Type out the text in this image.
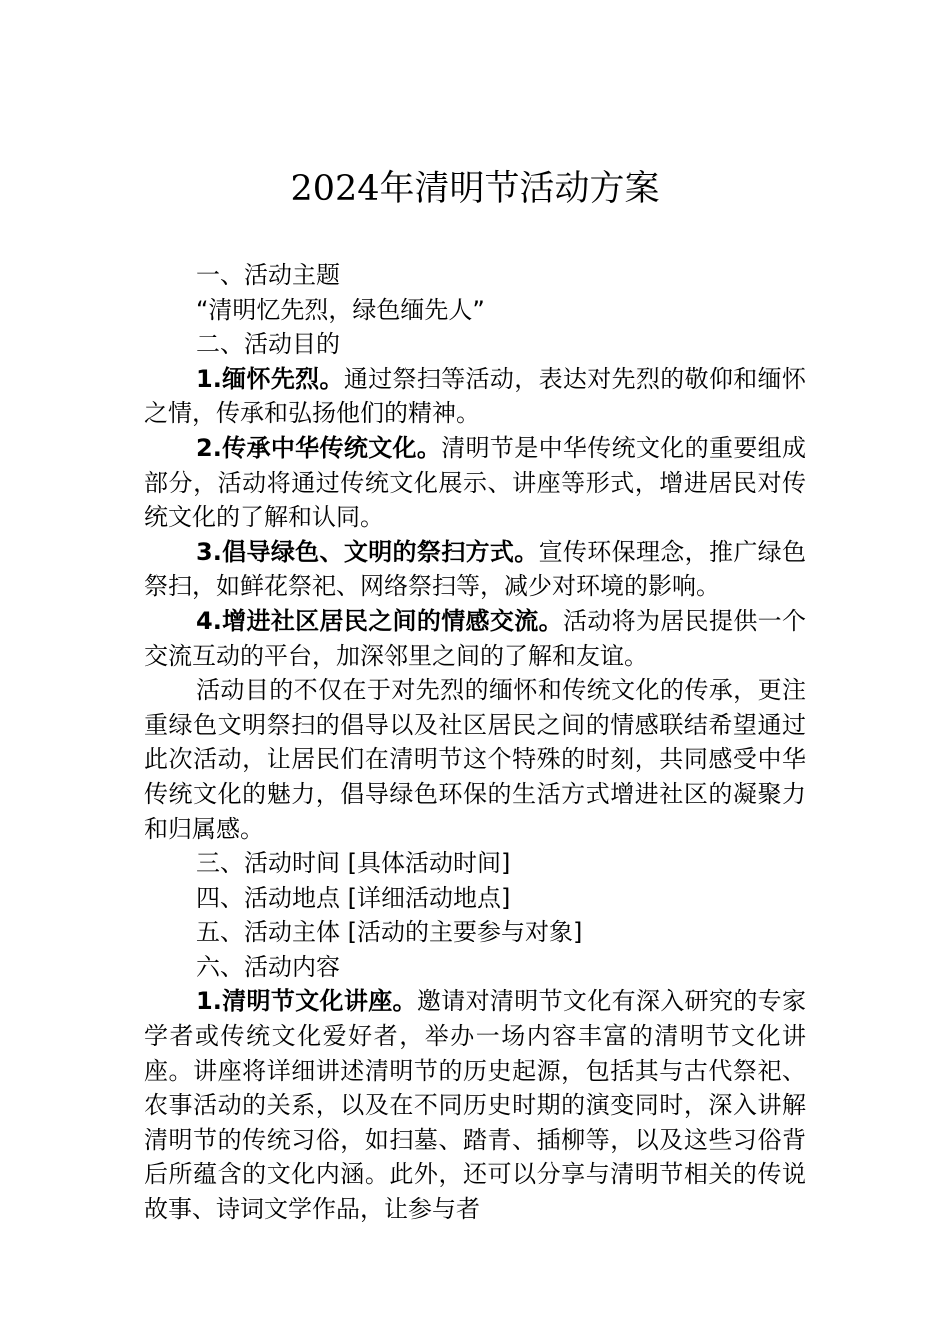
2024年清明节活动方案

一、活动主题

“清明忆先烈，绿色缅先人”

二、活动目的

1.缅怀先烈。通过祭扫等活动，表达对先烈的敬仰和缅怀之情，传承和弘扬他们的精神。

2.传承中华传统文化。清明节是中华传统文化的重要组成部分，活动将通过传统文化展示、讲座等形式，增进居民对传统文化的了解和认同。

3.倡导绿色、文明的祭扫方式。宣传环保理念，推广绿色祭扫，如鲜花祭祀、网络祭扫等，减少对环境的影响。

4.增进社区居民之间的情感交流。活动将为居民提供一个交流互动的平台，加深邻里之间的了解和友谊。

活动目的不仅在于对先烈的缅怀和传统文化的传承，更注重绿色文明祭扫的倡导以及社区居民之间的情感联结希望通过此次活动，让居民们在清明节这个特殊的时刻，共同感受中华传统文化的魅力，倡导绿色环保的生活方式增进社区的凝聚力和归属感。

三、活动时间 [具体活动时间]

四、活动地点 [详细活动地点]

五、活动主体 [活动的主要参与对象]

六、活动内容

1.清明节文化讲座。邀请对清明节文化有深入研究的专家学者或传统文化爱好者，举办一场内容丰富的清明节文化讲座。讲座将详细讲述清明节的历史起源，包括其与古代祭祀、农事活动的关系，以及在不同历史时期的演变同时，深入讲解清明节的传统习俗，如扫墓、踏青、插柳等，以及这些习俗背后所蕴含的文化内涵。此外，还可以分享与清明节相关的传说故事、诗词文学作品，让参与者
